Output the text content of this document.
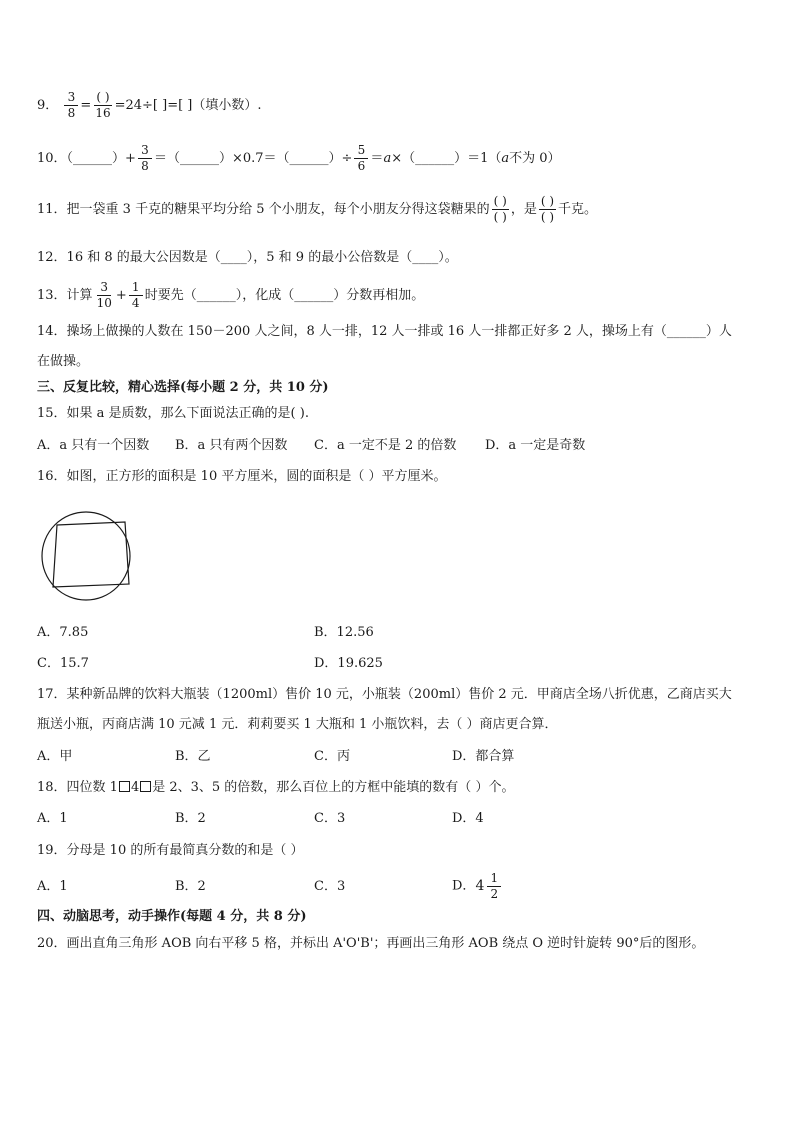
9． $\frac{3}{8} = \frac{( )}{16} =24\div$[ ]=[ ]（填小数）.
10．（______）+ $\frac{3}{8}$ ＝（______）×0.7＝（______）÷ $\frac{5}{6}$ ＝a×（______）＝1（a不为 0）
11．把一袋重 3 千克的糖果平均分给 5 个小朋友，每个小朋友分得这袋糖果的 $\frac{( )}{( )}$ ，是 $\frac{( )}{( )}$ 千克。
12．16 和 8 的最大公因数是（____），5 和 9 的最小公倍数是（____）。
13．计算 $\frac{3}{10} + \frac{1}{4}$ 时要先（______），化成（______）分数再相加。
14．操场上做操的人数在 150－200 人之间，8 人一排，12 人一排或 16 人一排都正好多 2 人，操场上有（______）人
在做操。
三、反复比较，精心选择(每小题 2 分，共 10 分)
15．如果 a 是质数，那么下面说法正确的是( ).
A．a 只有一个因数 B．a 只有两个因数 C．a 一定不是 2 的倍数 D．a 一定是奇数
16．如图，正方形的面积是 10 平方厘米，圆的面积是（ ）平方厘米。
A．7.85	B．12.56
C．15.7	D．19.625
17．某种新品牌的饮料大瓶装（1200ml）售价 10 元，小瓶装（200ml）售价 2 元．甲商店全场八折优惠，乙商店买大
瓶送小瓶，丙商店满 10 元减 1 元．莉莉要买 1 大瓶和 1 小瓶饮料，去（ ）商店更合算．
A．甲	B．乙	C．丙	D．都合算
18．四位数 1 4 是 2、3、5 的倍数，那么百位上的方框中能填的数有（ ）个。
A．1	B．2	C．3	D．4
19．分母是 10 的所有最简真分数的和是（ ）
A．1	B．2	C．3	D． $4 \frac{1}{2}$
四、动脑思考，动手操作(每题 4 分，共 8 分)
20．画出直角三角形 AOB 向右平移 5 格，并标出 A'O'B'；再画出三角形 AOB 绕点 O 逆时针旋转 90°后的图形。
